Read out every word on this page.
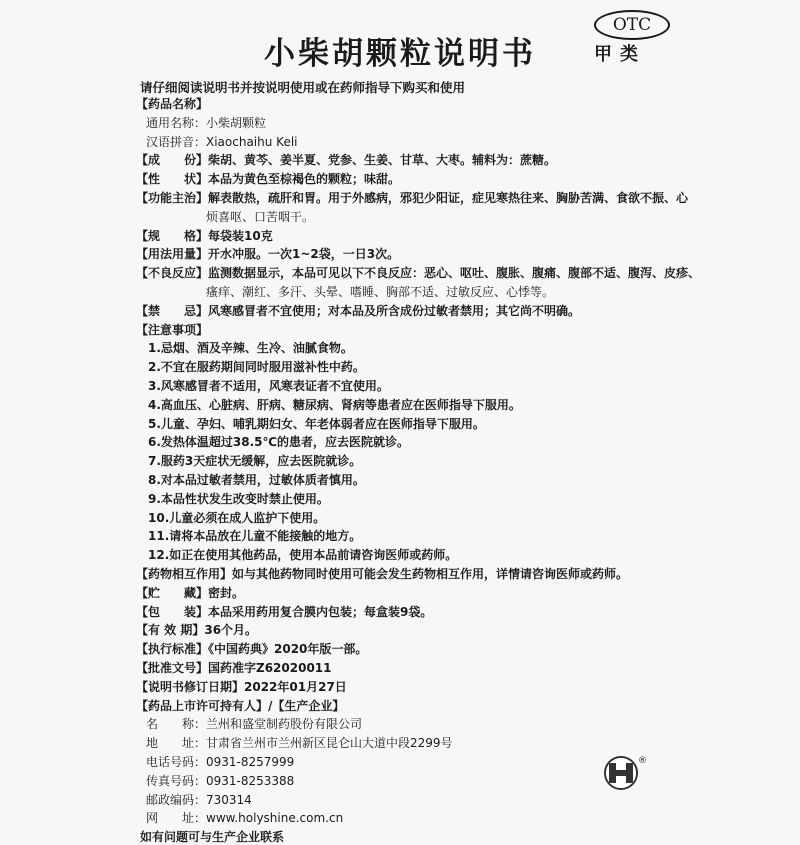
小柴胡颗粒说明书
OTC
甲类
请仔细阅读说明书并按说明使用或在药师指导下购买和使用
【药品名称】
通用名称：小柴胡颗粒
汉语拼音：Xiaochaihu Keli
【成　　份】柴胡、黄芩、姜半夏、党参、生姜、甘草、大枣。辅料为：蔗糖。
【性　　状】本品为黄色至棕褐色的颗粒；味甜。
【功能主治】解表散热，疏肝和胃。用于外感病，邪犯少阳证，症见寒热往来、胸胁苦满、食欲不振、心
烦喜呕、口苦咽干。
【规　　格】每袋装10克
【用法用量】开水冲服。一次1~2袋，一日3次。
【不良反应】监测数据显示，本品可见以下不良反应：恶心、呕吐、腹胀、腹痛、腹部不适、腹泻、皮疹、
瘙痒、潮红、多汗、头晕、嗜睡、胸部不适、过敏反应、心悸等。
【禁　　忌】风寒感冒者不宜使用；对本品及所含成份过敏者禁用；其它尚不明确。
【注意事项】
1.忌烟、酒及辛辣、生冷、油腻食物。
2.不宜在服药期间同时服用滋补性中药。
3.风寒感冒者不适用，风寒表证者不宜使用。
4.高血压、心脏病、肝病、糖尿病、肾病等患者应在医师指导下服用。
5.儿童、孕妇、哺乳期妇女、年老体弱者应在医师指导下服用。
6.发热体温超过38.5℃的患者，应去医院就诊。
7.服药3天症状无缓解，应去医院就诊。
8.对本品过敏者禁用，过敏体质者慎用。
9.本品性状发生改变时禁止使用。
10.儿童必须在成人监护下使用。
11.请将本品放在儿童不能接触的地方。
12.如正在使用其他药品，使用本品前请咨询医师或药师。
【药物相互作用】如与其他药物同时使用可能会发生药物相互作用，详情请咨询医师或药师。
【贮　　藏】密封。
【包　　装】本品采用药用复合膜内包装；每盒装9袋。
【有 效 期】36个月。
【执行标准】《中国药典》2020年版一部。
【批准文号】国药准字Z62020011
【说明书修订日期】2022年01月27日
【药品上市许可持有人】/【生产企业】
名　　称：兰州和盛堂制药股份有限公司
地　　址：甘肃省兰州市兰州新区昆仑山大道中段2299号
电话号码：0931-8257999
传真号码：0931-8253388
邮政编码：730314
网　　址：www.holyshine.com.cn
如有问题可与生产企业联系
®
